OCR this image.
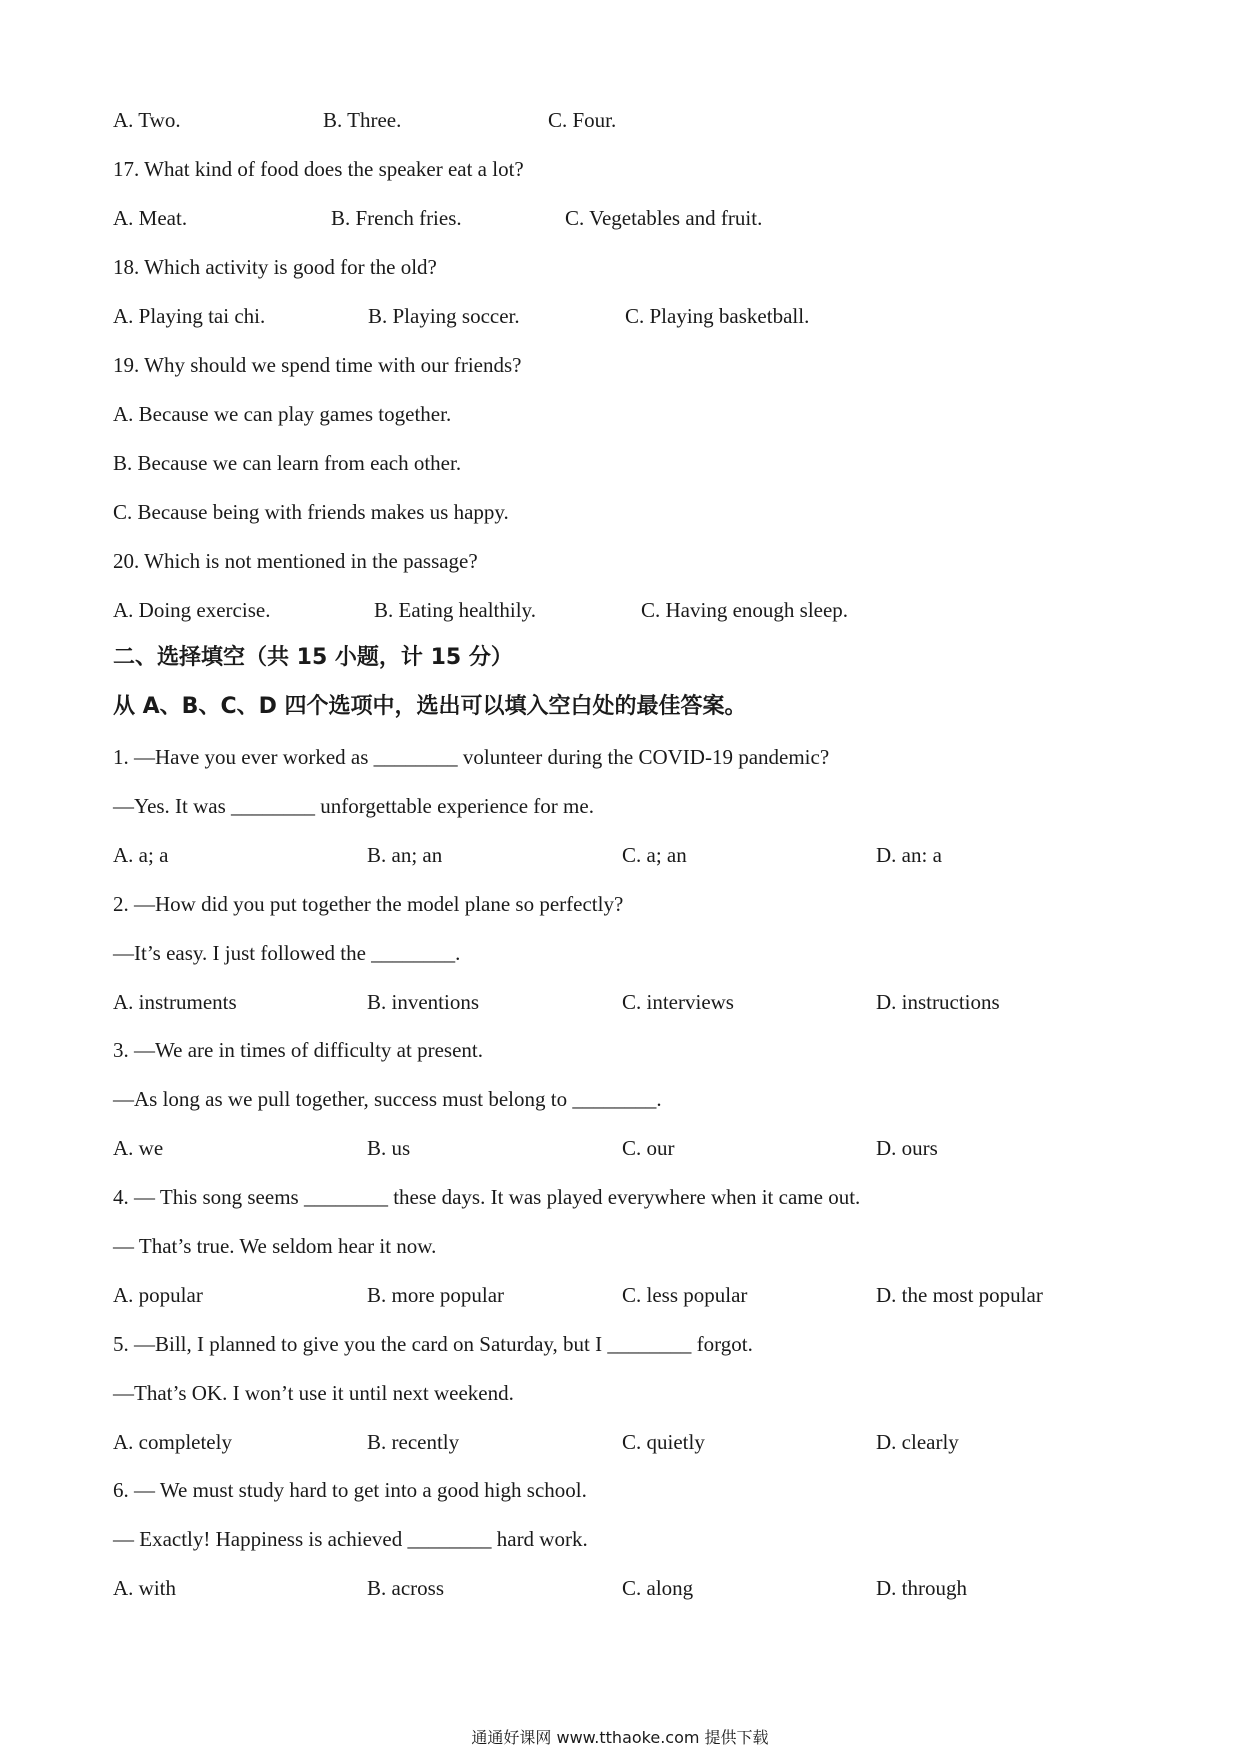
A. Two.	B. Three.	C. Four.
17. What kind of food does the speaker eat a lot?
A. Meat.	B. French fries.	C. Vegetables and fruit.
18. Which activity is good for the old?
A. Playing tai chi.	B. Playing soccer.	C. Playing basketball.
19. Why should we spend time with our friends?
A. Because we can play games together.
B. Because we can learn from each other.
C. Because being with friends makes us happy.
20. Which is not mentioned in the passage?
A. Doing exercise.	B. Eating healthily.	C. Having enough sleep.
二、选择填空（共 15 小题，计 15 分）
从 A、B、C、D 四个选项中，选出可以填入空白处的最佳答案。
1. —Have you ever worked as ________ volunteer during the COVID-19 pandemic?
—Yes. It was ________ unforgettable experience for me.
A. a; a	B. an; an	C. a; an	D. an: a
2. —How did you put together the model plane so perfectly?
—It’s easy. I just followed the ________.
A. instruments	B. inventions	C. interviews	D. instructions
3. —We are in times of difficulty at present.
—As long as we pull together, success must belong to ________.
A. we	B. us	C. our	D. ours
4. — This song seems ________ these days. It was played everywhere when it came out.
— That’s true. We seldom hear it now.
A. popular	B. more popular	C. less popular	D. the most popular
5. —Bill, I planned to give you the card on Saturday, but I ________ forgot.
—That’s OK. I won’t use it until next weekend.
A. completely	B. recently	C. quietly	D. clearly
6. — We must study hard to get into a good high school.
— Exactly! Happiness is achieved ________ hard work.
A. with	B. across	C. along	D. through
通通好课网 www.tthaoke.com 提供下载
